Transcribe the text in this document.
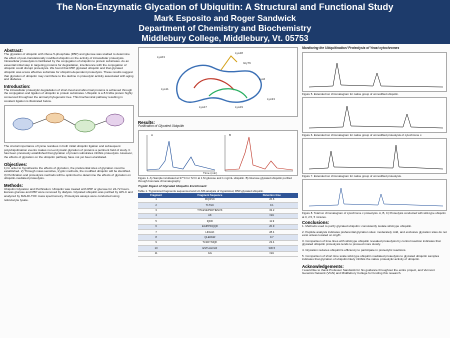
The Non-Enzymatic Glycation of Ubiquitin: A Structural and Functional Study
Mark Esposito and Roger Sandwick
Department of Chemistry and Biochemistry
Middlebury College, Middlebury, Vt. 05753
Abstract:

The glycation of ubiquitin with ribose 5-phosphate (R5P) and glucose was studied to determine the effect of post-translationally modified ubiquitin on the activity of intracellular proteolysis. Intracellular proteolysis is facilitated by the conjugation of ubiquitin to protein substrates. As an essential initial step in targeting proteins for degradation, interference with the conjugation of ubiquitin could disrupt proteolysis. We found that R5P glycated ubiquitin and that glycated ubiquitin was a less effective substrate for ubiquitin-dependent proteolysis. These results suggest that glycation of ubiquitin may contribute to the decline in proteolytic activity associated with aging and diabetes.

Introduction:

The intracellular proteolytic degradation of short-lived and abnormal proteins is achieved through the conjugation and ligation of ubiquitin to protein substrates. Ubiquitin is a 8.6 kDa protein highly conserved throughout the animal phylogenetic tree. This biochemical pathway resulting in covalent ligation is illustrated below.

The crucial importance of lysine residues in both initial ubiquitin ligation and subsequent polyubiquitination events makes non-enzymatic glycation of proteins a pertinent field of study. It has been previously established that glycation of protein substrates inhibits proteolysis. However, the effects of glycation on the ubiquitin pathway have not yet been elucidated.

Objectives:

1) In order to hypothesize the effects of glycation, the preferential sites of glycation must be established. 2) Through mass sensitive, tryptic methods, the modified ubiquitin will be identified. 3) Purification and proteolysis methods will be optimized to determine the effects of glycation on ubiquitin-mediated proteolysis.

Methods:

Ubiquitin Glycation and Purification: Ubiquitin was treated with R5P or glucose for 24-72 hours. Excess glucose and R5P were removed by dialysis. Glycated ubiquitin was purified by HPLC and analyzed by MALDI-TOF mass spectrometry. Proteolysis assays were conducted using reticulocyte lysate.

Lys63
Lys48
Gly76
Lys6
Lys11
Lys27	Lys29
Lys33
Results:
Purification of Glycated Ubiquitin
A	B
Time (min)
Figure 1. A) Sample incubated at 37°C for 72 hr at 1 M glucose and 1 mg/mL ubiquitin. B) Glucose glycated ubiquitin purified through boronate chromatography.
Tryptic Digest of Glycated Ubiquitin Enrichment:
Table 1. Trypsinized fragments sequenced and LC-MS analysis of trypsinized, R5P-glycated ubiquitin.
Fragment	Fragment Sequence	Retention time
1	MQIFVK	26.6
2	TLTGK	9.1
3	TITLEVEPSDTIENVK	33.2
4	AK	N/A
5	IQDK	11.9
6	EGIPPDQQR	20.9
7	LIFAGK	28.4
8	QLEDGR	9.7
9	TLSDYNIQK	23.4
10	ESTLHLVLR	330.5
11	GG	N/A
Monitoring the Ubiquitination/ Proteolysis of Yeast cytochromes
Figure 5. Extended ion chromatogram for native group of unmodified ubiquitin.
Figure 6. Extended ion chromatogram for native group of unmodified proteolysis of cytochrome c.
Figure 7. Extended ion chromatogram for native group of unmodified proteolysis.
Figure 8. Total ion chromatogram of cytochrome c proteolysis. A, B, C) Proteolysis conducted with wild-type ubiquitin at 0, 2.5, 5 minutes.
Conclusions:

1. Methods used to purify glycated ubiquitin: consistently isolate wild-type ubiquitin.

2. Peptide analysis indicates preferential glycation sites: moderately mild, and exclusive glycation sites do not exist unless located on Arg/K.

3. Comparison of time lines with wild-type ubiquitin revealed proteolysis by control reaction indicates that glycated ubiquitin proteolysis tends to proceed more slowly.

4. Glycation reduces ubiquitin's efficiency to participate in proteolytic reactions.

5. Comparison of short time scale wild-type ubiquitin mediated proteolysis to glycated ubiquitin samples indicates that glycation of ubiquitin likely inhibits the native proteolytic activity of ubiquitin.

Acknowledgements:

I would like to thank Professor Sandwick for his guidance throughout the entire project, and Vermont Genetics Network (VGN) and Middlebury College for funding this research.
